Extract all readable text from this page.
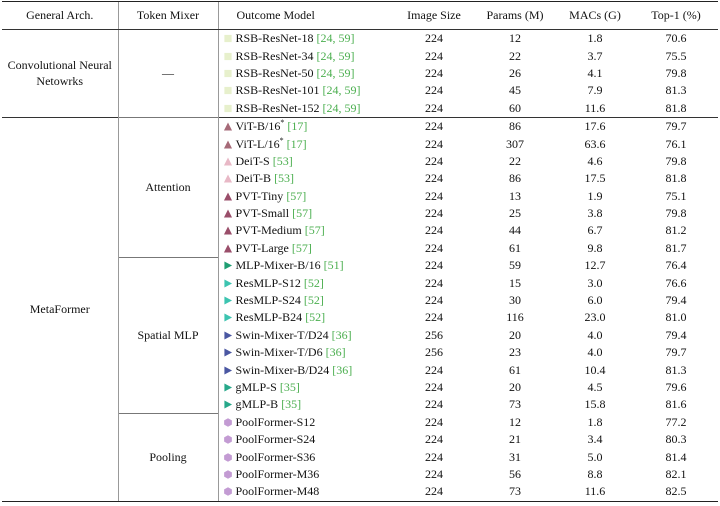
General Arch.	Token Mixer	Outcome Model	Image Size	Params (M)	MACs (G)	Top-1 (%)
Convolutional Neural Netowrks	—	RSB-ResNet-18 [24, 59]	224	12	1.8	70.6
		RSB-ResNet-34 [24, 59]	224	22	3.7	75.5
		RSB-ResNet-50 [24, 59]	224	26	4.1	79.8
		RSB-ResNet-101 [24, 59]	224	45	7.9	81.3
		RSB-ResNet-152 [24, 59]	224	60	11.6	81.8
MetaFormer	Attention	ViT-B/16* [17]	224	86	17.6	79.7
		ViT-L/16* [17]	224	307	63.6	76.1
		DeiT-S [53]	224	22	4.6	79.8
		DeiT-B [53]	224	86	17.5	81.8
		PVT-Tiny [57]	224	13	1.9	75.1
		PVT-Small [57]	224	25	3.8	79.8
		PVT-Medium [57]	224	44	6.7	81.2
		PVT-Large [57]	224	61	9.8	81.7
	Spatial MLP	MLP-Mixer-B/16 [51]	224	59	12.7	76.4
		ResMLP-S12 [52]	224	15	3.0	76.6
		ResMLP-S24 [52]	224	30	6.0	79.4
		ResMLP-B24 [52]	224	116	23.0	81.0
		Swin-Mixer-T/D24 [36]	256	20	4.0	79.4
		Swin-Mixer-T/D6 [36]	256	23	4.0	79.7
		Swin-Mixer-B/D24 [36]	224	61	10.4	81.3
		gMLP-S [35]	224	20	4.5	79.6
		gMLP-B [35]	224	73	15.8	81.6
	Pooling	PoolFormer-S12	224	12	1.8	77.2
		PoolFormer-S24	224	21	3.4	80.3
		PoolFormer-S36	224	31	5.0	81.4
		PoolFormer-M36	224	56	8.8	82.1
		PoolFormer-M48	224	73	11.6	82.5
